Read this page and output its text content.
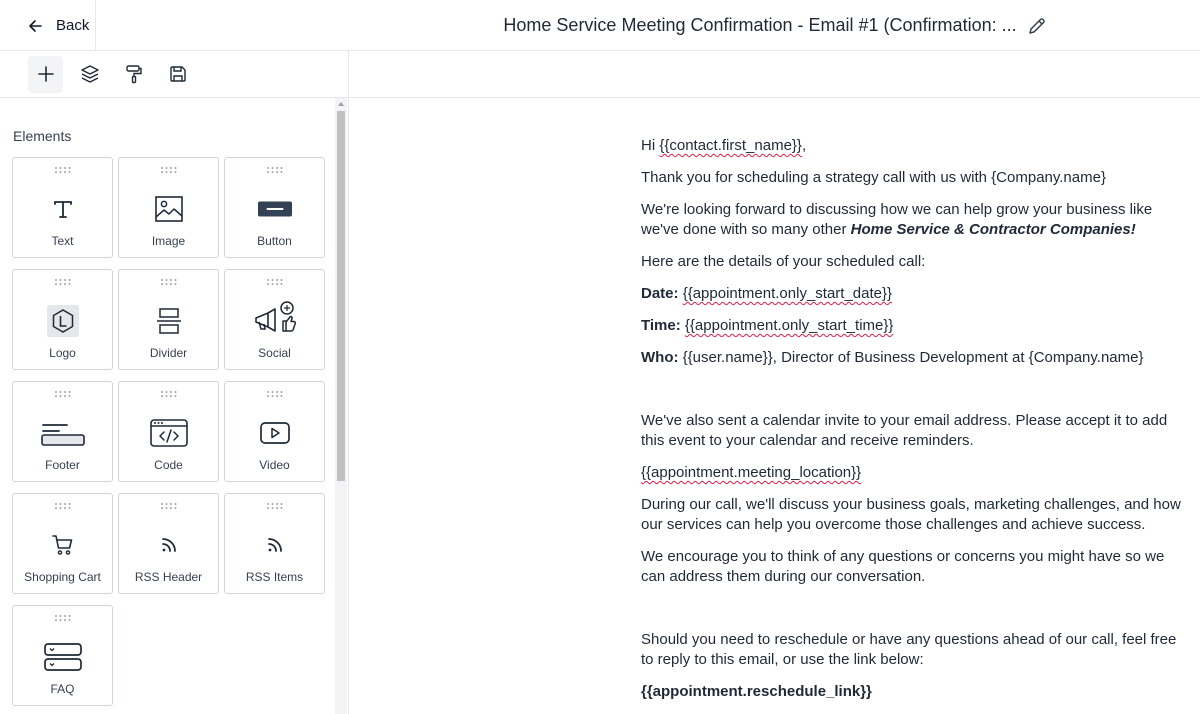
Back	Home Service Meeting Confirmation - Email #1 (Confirmation: ...
Elements
Text	Image	Button
Logo	Divider	Social
Footer	Code	Video
Shopping Cart	RSS Header	RSS Items
FAQ

Hi {{contact.first_name}},

Thank you for scheduling a strategy call with us with {Company.name}

We're looking forward to discussing how we can help grow your business like we've done with so many other Home Service & Contractor Companies!

Here are the details of your scheduled call:

Date: {{appointment.only_start_date}}

Time: {{appointment.only_start_time}}

Who: {{user.name}}, Director of Business Development at {Company.name}

We've also sent a calendar invite to your email address. Please accept it to add this event to your calendar and receive reminders.

{{appointment.meeting_location}}

During our call, we'll discuss your business goals, marketing challenges, and how our services can help you overcome those challenges and achieve success.

We encourage you to think of any questions or concerns you might have so we can address them during our conversation.

Should you need to reschedule or have any questions ahead of our call, feel free to reply to this email, or use the link below:

{{appointment.reschedule_link}}
